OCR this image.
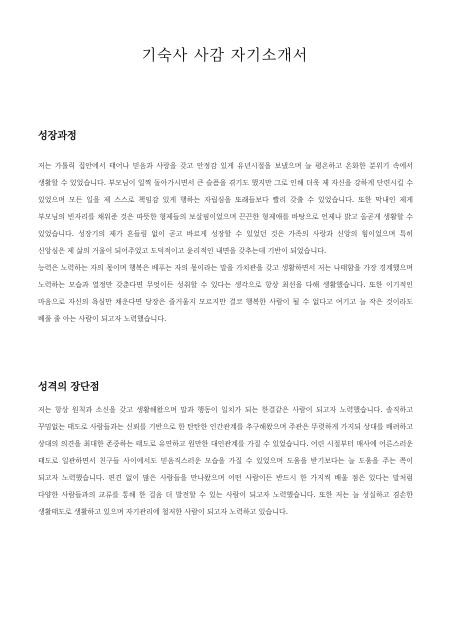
기숙사 사감 자기소개서
성장과정

저는 가톨릭 집안에서 태어나 믿음과 사랑을 갖고 안정감 있게 유년시절을 보냈으며 늘 평온하고 온화한 분위기 속에서 생활할 수 있었습니다. 부모님이 일찍 돌아가시면서 큰 슬픔을 겪기도 했지만 그로 인해 더욱 제 자신을 강하게 단련시킬 수 있었으며 모든 일을 제 스스로 책임감 있게 행하는 자립심을 또래들보다 빨리 갖출 수 있었습니다. 또한 막내인 제게 부모님의 빈자리를 채워준 것은 따뜻한 형제들의 보살핌이었으며 끈끈한 형제애를 바탕으로 언제나 밝고 올곧게 생활할 수 있었습니다. 성장기의 제가 흔들림 없이 곧고 바르게 성장할 수 있었던 것은 가족의 사랑과 신앙의 힘이었으며 특히 신앙심은 제 삶의 거울이 되어주었고 도덕적이고 윤리적인 내면을 갖추는데 기반이 되었습니다.

능력은 노력하는 자의 몫이며 행복은 베푸는 자의 몫이라는 말을 가치관을 갖고 생활하면서 저는 나태함을 가장 경계했으며 노력하는 모습과 열정만 갖춘다면 무엇이든 성취할 수 있다는 생각으로 항상 최선을 다해 생활했습니다. 또한 이기적인 마음으로 자신의 욕심만 채운다면 당장은 즐거울지 모르지만 결코 행복한 사람이 될 수 없다고 여기고 늘 작은 것이라도 베풀 줄 아는 사람이 되고자 노력했습니다.

성격의 장단점

저는 항상 원칙과 소신을 갖고 생활해왔으며 말과 행동이 일치가 되는 한결같은 사람이 되고자 노력했습니다. 솔직하고 꾸밈없는 태도로 사람들과는 신뢰를 기반으로 한 탄탄한 인간관계를 추구해왔으며 주관은 뚜렷하게 가지되 상대를 배려하고 상대의 의견을 최대한 존중하는 태도로 유연하고 원만한 대인관계를 가질 수 있었습니다. 어린 시절부터 매사에 어른스러운 태도로 일관하면서 친구들 사이에서도 믿음직스러운 모습을 가질 수 있었으며 도움을 받기보다는 늘 도움을 주는 쪽이 되고자 노력했습니다. 편견 없이 많은 사람들을 만나왔으며 어떤 사람이든 반드시 한 가지씩 배울 점은 있다는 말처럼 다양한 사람들과의 교류를 통해 한 걸음 더 발전할 수 있는 사람이 되고자 노력했습니다. 또한 저는 늘 성실하고 겸손한 생활태도로 생활하고 있으며 자기관리에 철저한 사람이 되고자 노력하고 있습니다.
